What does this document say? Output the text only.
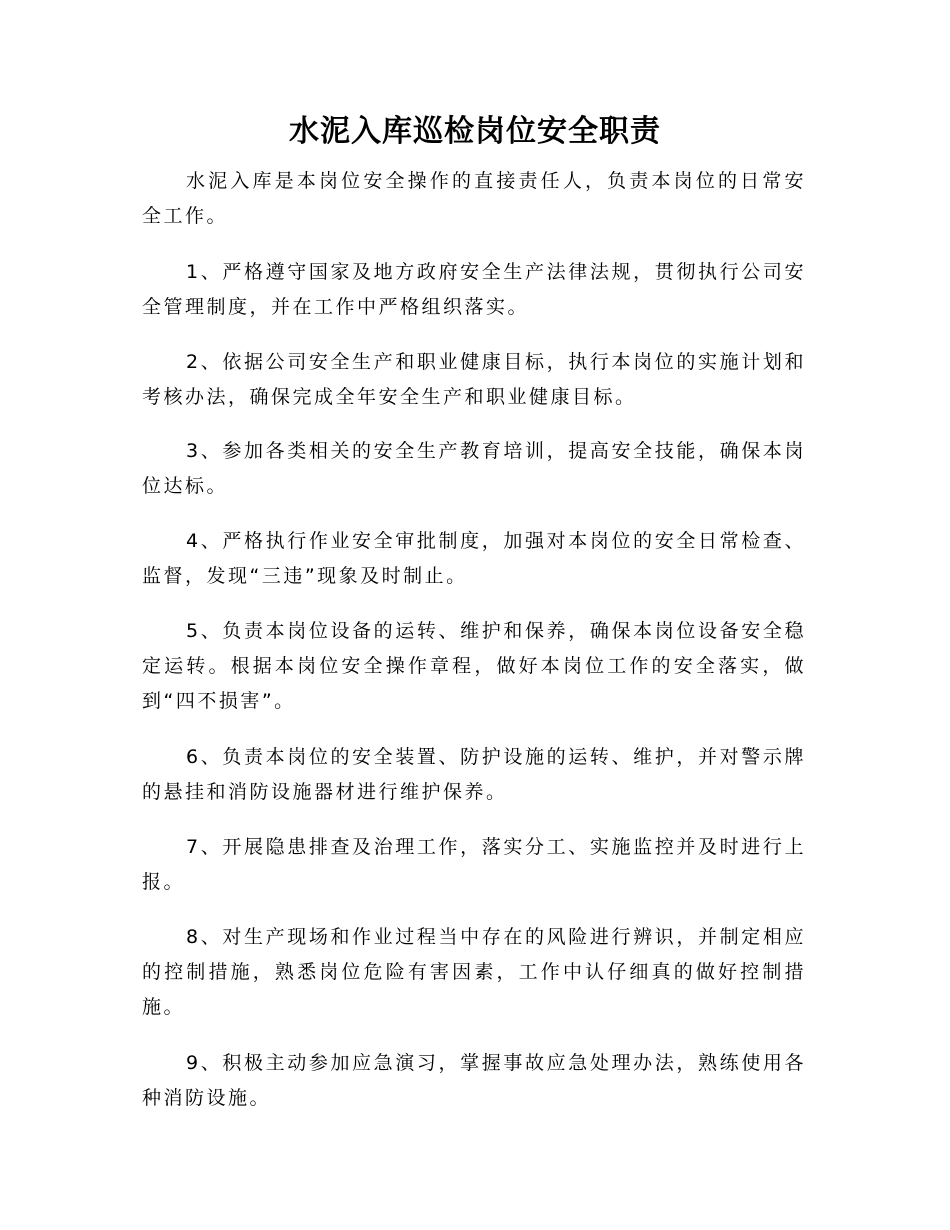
水泥入库巡检岗位安全职责

水泥入库是本岗位安全操作的直接责任人，负责本岗位的日常安全工作。

1、严格遵守国家及地方政府安全生产法律法规，贯彻执行公司安全管理制度，并在工作中严格组织落实。

2、依据公司安全生产和职业健康目标，执行本岗位的实施计划和考核办法，确保完成全年安全生产和职业健康目标。

3、参加各类相关的安全生产教育培训，提高安全技能，确保本岗位达标。

4、严格执行作业安全审批制度，加强对本岗位的安全日常检查、监督，发现“三违”现象及时制止。

5、负责本岗位设备的运转、维护和保养，确保本岗位设备安全稳定运转。根据本岗位安全操作章程，做好本岗位工作的安全落实，做到“四不损害”。

6、负责本岗位的安全装置、防护设施的运转、维护，并对警示牌的悬挂和消防设施器材进行维护保养。

7、开展隐患排查及治理工作，落实分工、实施监控并及时进行上报。

8、对生产现场和作业过程当中存在的风险进行辨识，并制定相应的控制措施，熟悉岗位危险有害因素，工作中认仔细真的做好控制措施。

9、积极主动参加应急演习，掌握事故应急处理办法，熟练使用各种消防设施。
